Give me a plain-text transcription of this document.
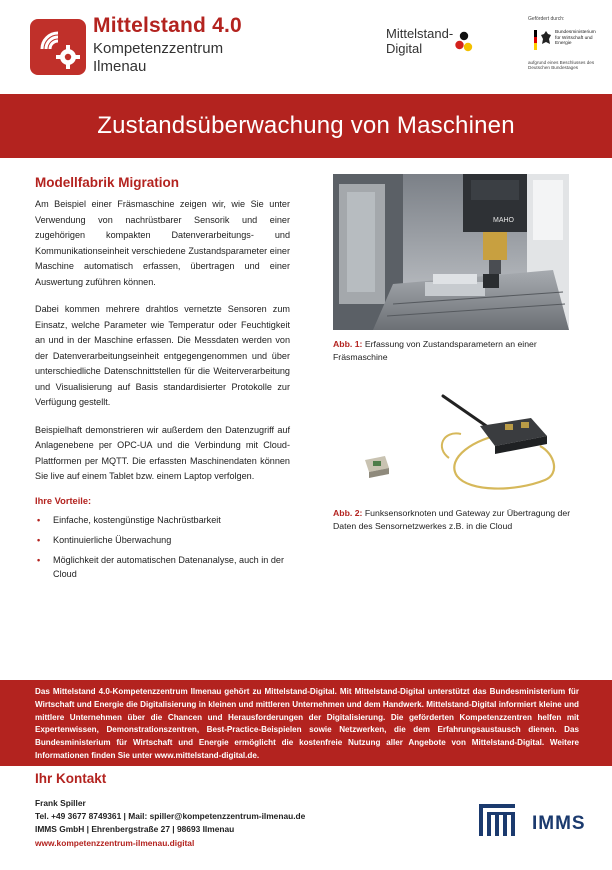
Mittelstand 4.0
Kompetenzzentrum
Ilmenau
Mittelstand-
Digital
Gefördert durch:
Bundesministerium für Wirtschaft und Energie
aufgrund eines Beschlusses des Deutschen Bundestages
Zustandsüberwachung von Maschinen
Modellfabrik Migration

Am Beispiel einer Fräsmaschine zeigen wir, wie Sie unter Verwendung von nachrüstbarer Sensorik und einer zugehörigen kompakten Datenverarbeitungs- und Kommunikationseinheit verschiedene Zustandsparameter einer Maschine automatisch erfassen, übertragen und einer Auswertung zuführen können.

Dabei kommen mehrere drahtlos vernetzte Sensoren zum Einsatz, welche Parameter wie Temperatur oder Feuchtigkeit an und in der Maschine erfassen. Die Messdaten werden von der Datenverarbeitungseinheit entgegengenommen und über unterschiedliche Datenschnittstellen für die Weiterverarbeitung und Visualisierung auf Basis standardisierter Protokolle zur Verfügung gestellt.

Beispielhaft demonstrieren wir außerdem den Datenzugriff auf Anlagenebene per OPC-UA und die Verbindung mit Cloud-Plattformen per MQTT. Die erfassten Maschinendaten können Sie live auf einem Tablet bzw. einem Laptop verfolgen.

Ihre Vorteile:
• Einfache, kostengünstige Nachrüstbarkeit
• Kontinuierliche Überwachung
• Möglichkeit der automatischen Datenanalyse, auch in der Cloud
MAHO
Abb. 1: Erfassung von Zustandsparametern an einer Fräsmaschine
Abb. 2: Funksensorknoten und Gateway zur Übertragung der Daten des Sensornetzwerkes z.B. in die Cloud

Das Mittelstand 4.0-Kompetenzzentrum Ilmenau gehört zu Mittelstand-Digital. Mit Mittelstand-Digital unterstützt das Bundesministerium für Wirtschaft und Energie die Digitalisierung in kleinen und mittleren Unternehmen und dem Handwerk. Mittelstand-Digital informiert kleine und mittlere Unternehmen über die Chancen und Herausforderungen der Digitalisierung. Die geförderten Kompetenzzentren helfen mit Expertenwissen, Demonstrationszentren, Best-Practice-Beispielen sowie Netzwerken, die dem Erfahrungsaustausch dienen. Das Bundesministerium für Wirtschaft und Energie ermöglicht die kostenfreie Nutzung aller Angebote von Mittelstand-Digital. Weitere Informationen finden Sie unter www.mittelstand-digital.de.

Ihr Kontakt
Frank Spiller
Tel. +49 3677 8749361 | Mail: spiller@kompetenzzentrum-ilmenau.de
IMMS GmbH | Ehrenbergstraße 27 | 98693 Ilmenau
www.kompetenzzentrum-ilmenau.digital
IMMS
